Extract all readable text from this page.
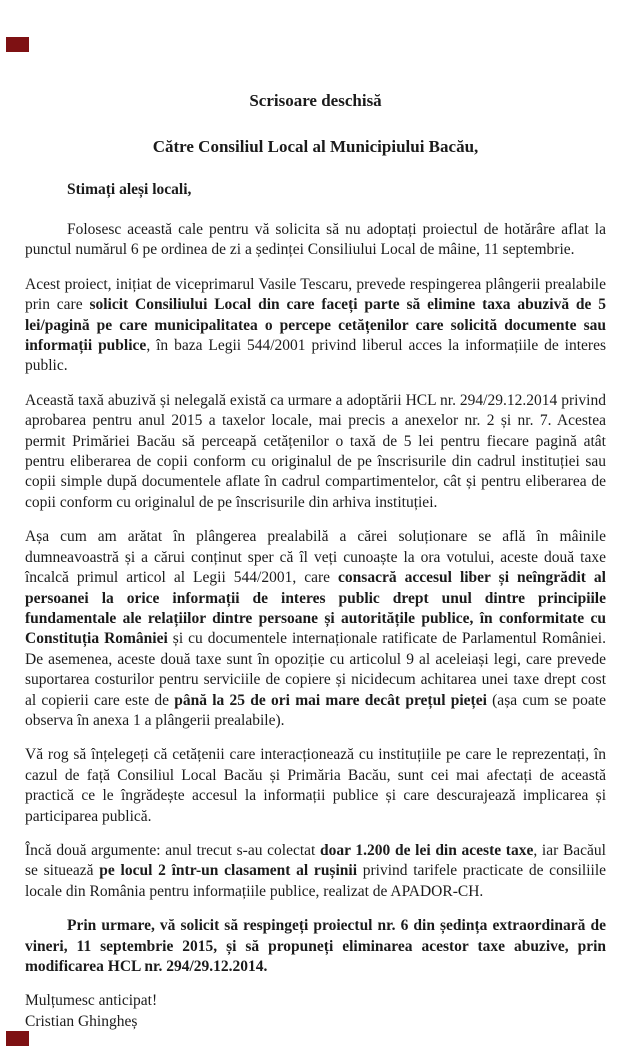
Scrisoare deschisă
Către Consiliul Local al Municipiului Bacău,

Stimați aleși locali,

Folosesc această cale pentru vă solicita să nu adoptați proiectul de hotărâre aflat la punctul numărul 6 pe ordinea de zi a ședinței Consiliului Local de mâine, 11 septembrie.

Acest proiect, inițiat de viceprimarul Vasile Tescaru, prevede respingerea plângerii prealabile prin care solicit Consiliului Local din care faceți parte să elimine taxa abuzivă de 5 lei/pagină pe care municipalitatea o percepe cetățenilor care solicită documente sau informații publice, în baza Legii 544/2001 privind liberul acces la informațiile de interes public.

Această taxă abuzivă și nelegală există ca urmare a adoptării HCL nr. 294/29.12.2014 privind aprobarea pentru anul 2015 a taxelor locale, mai precis a anexelor nr. 2 și nr. 7. Acestea permit Primăriei Bacău să perceapă cetățenilor o taxă de 5 lei pentru fiecare pagină atât pentru eliberarea de copii conform cu originalul de pe înscrisurile din cadrul instituției sau copii simple după documentele aflate în cadrul compartimentelor, cât și pentru eliberarea de copii conform cu originalul de pe înscrisurile din arhiva instituției.

Așa cum am arătat în plângerea prealabilă a cărei soluționare se află în mâinile dumneavoastră și a cărui conținut sper că îl veți cunoaște la ora votului, aceste două taxe încalcă primul articol al Legii 544/2001, care consacră accesul liber și neîngrădit al persoanei la orice informații de interes public drept unul dintre principiile fundamentale ale relațiilor dintre persoane și autoritățile publice, în conformitate cu Constituția României și cu documentele internaționale ratificate de Parlamentul României. De asemenea, aceste două taxe sunt în opoziție cu articolul 9 al aceleiași legi, care prevede suportarea costurilor pentru serviciile de copiere și nicidecum achitarea unei taxe drept cost al copierii care este de până la 25 de ori mai mare decât prețul pieței (așa cum se poate observa în anexa 1 a plângerii prealabile).

Vă rog să înțelegeți că cetățenii care interacționează cu instituțiile pe care le reprezentați, în cazul de față Consiliul Local Bacău și Primăria Bacău, sunt cei mai afectați de această practică ce le îngrădește accesul la informații publice și care descurajează implicarea și participarea publică.

Încă două argumente: anul trecut s-au colectat doar 1.200 de lei din aceste taxe, iar Bacăul se situează pe locul 2 într-un clasament al rușinii privind tarifele practicate de consiliile locale din România pentru informațiile publice, realizat de APADOR-CH.

Prin urmare, vă solicit să respingeți proiectul nr. 6 din ședința extraordinară de vineri, 11 septembrie 2015, și să propuneți eliminarea acestor taxe abuzive, prin modificarea HCL nr. 294/29.12.2014.

Mulțumesc anticipat!

Cristian Ghingheș
